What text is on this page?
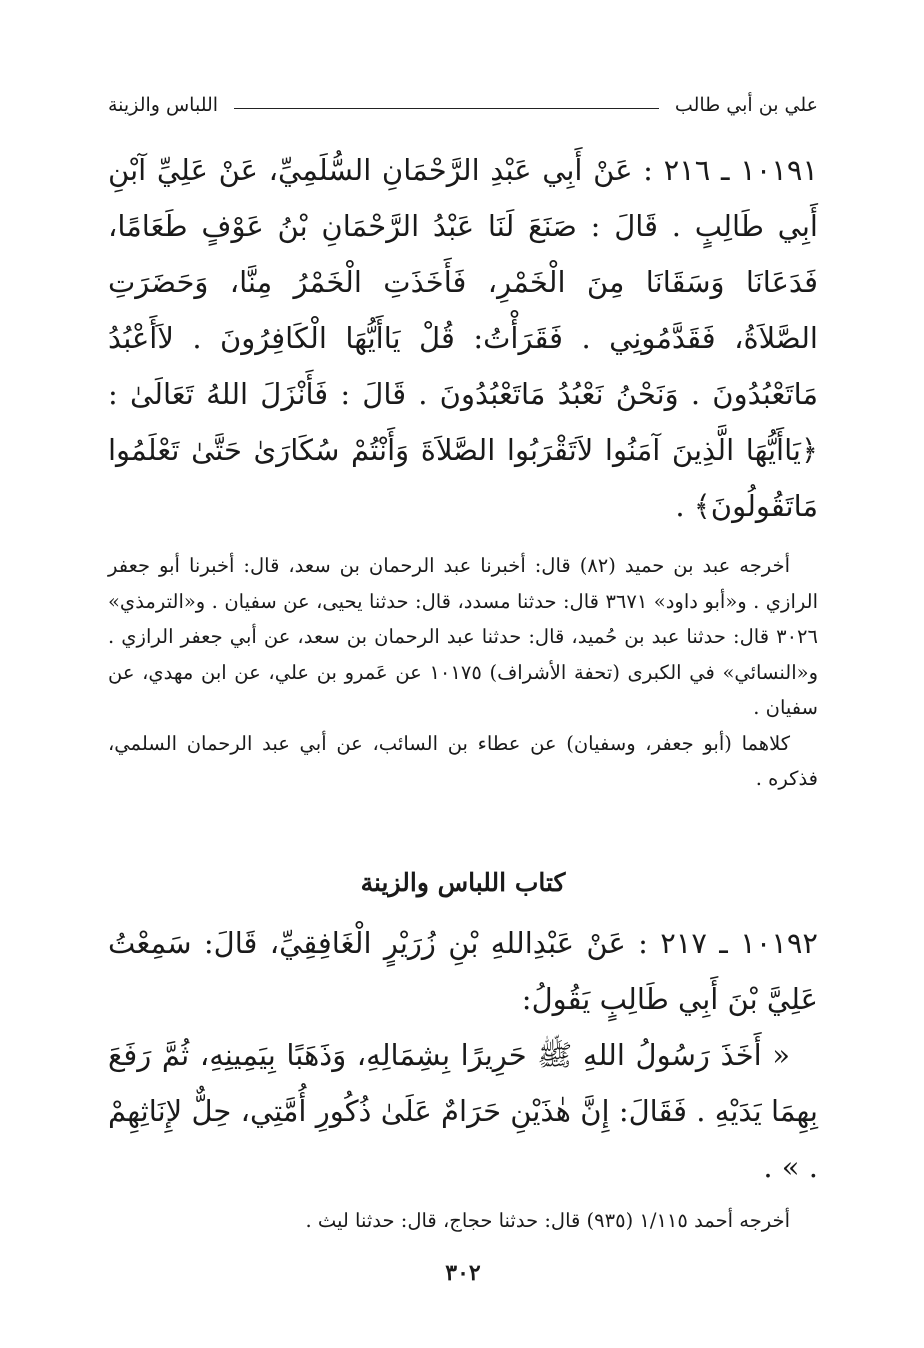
علي بن أبي طالب
اللباس والزينة

١٠١٩١ ـ ٢١٦ : عَنْ أَبِي عَبْدِ الرَّحْمَانِ السُّلَمِيِّ، عَنْ عَلِيِّ آبْنِ أَبِي طَالِبٍ . قَالَ : صَنَعَ لَنَا عَبْدُ الرَّحْمَانِ بْنُ عَوْفٍ طَعَامًا، فَدَعَانَا وَسَقَانَا مِنَ الْخَمْرِ، فَأَخَذَتِ الْخَمْرُ مِنَّا، وَحَضَرَتِ الصَّلاَةُ، فَقَدَّمُونِي . فَقَرَأْتُ: قُلْ يَاأَيُّهَا الْكَافِرُونَ . لاَأَعْبُدُ مَاتَعْبُدُونَ . وَنَحْنُ نَعْبُدُ مَاتَعْبُدُونَ . قَالَ : فَأَنْزَلَ اللهُ تَعَالَىٰ : ﴿يَاأَيُّهَا الَّذِينَ آمَنُوا لاَتَقْرَبُوا الصَّلاَةَ وَأَنْتُمْ سُكَارَىٰ حَتَّىٰ تَعْلَمُوا مَاتَقُولُونَ﴾ .

أخرجه عبد بن حميد (٨٢) قال: أخبرنا عبد الرحمان بن سعد، قال: أخبرنا أبو جعفر الرازي . و«أبو داود» ٣٦٧١ قال: حدثنا مسدد، قال: حدثنا يحيى، عن سفيان . و«الترمذي» ٣٠٢٦ قال: حدثنا عبد بن حُميد، قال: حدثنا عبد الرحمان بن سعد، عن أبي جعفر الرازي . و«النسائي» في الكبرى (تحفة الأشراف) ١٠١٧٥ عن عَمرو بن علي، عن ابن مهدي، عن سفيان .

كلاهما (أبو جعفر، وسفيان) عن عطاء بن السائب، عن أبي عبد الرحمان السلمي، فذكره .

كتاب اللباس والزينة

١٠١٩٢ ـ ٢١٧ : عَنْ عَبْدِاللهِ بْنِ زُرَيْرٍ الْغَافِقِيِّ، قَالَ: سَمِعْتُ عَلِيَّ بْنَ أَبِي طَالِبٍ يَقُولُ:

« أَخَذَ رَسُولُ اللهِ ﷺ حَرِيرًا بِشِمَالِهِ، وَذَهَبًا بِيَمِينِهِ، ثُمَّ رَفَعَ بِهِمَا يَدَيْهِ . فَقَالَ: إِنَّ هٰذَيْنِ حَرَامٌ عَلَىٰ ذُكُورِ أُمَّتِي، حِلٌّ لإِنَاثِهِمْ . » .

أخرجه أحمد ١/١١٥ (٩٣٥) قال: حدثنا حجاج، قال: حدثنا ليث .

٣٠٢
